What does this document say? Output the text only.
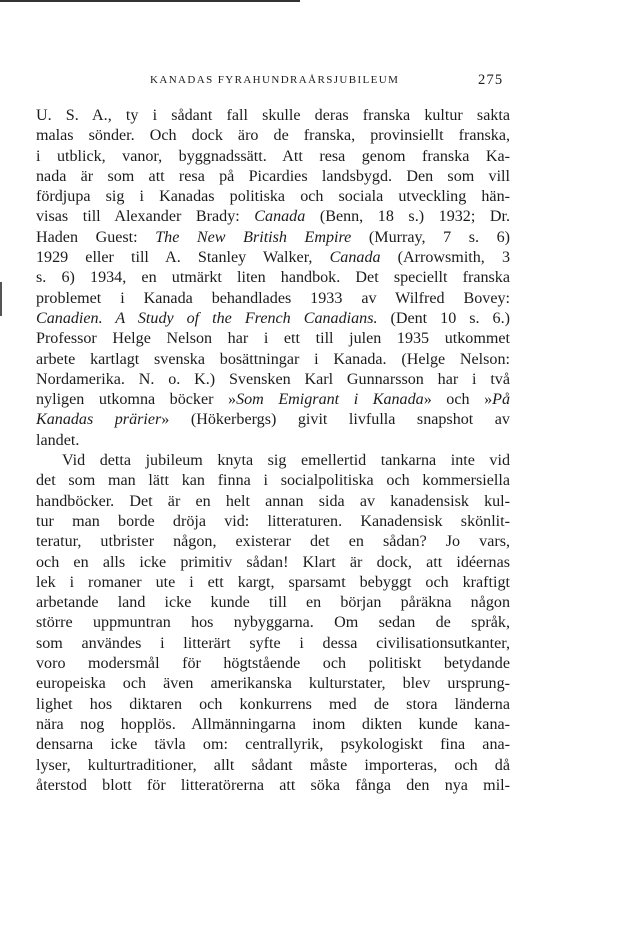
KANADAS FYRAHUNDRAÅRSJUBILEUM	275
U. S. A., ty i sådant fall skulle deras franska kultur sakta
malas sönder. Och dock äro de franska, provinsiellt franska,
i utblick, vanor, byggnadssätt. Att resa genom franska Ka-
nada är som att resa på Picardies landsbygd. Den som vill
fördjupa sig i Kanadas politiska och sociala utveckling hän-
visas till Alexander Brady: Canada (Benn, 18 s.) 1932; Dr.
Haden Guest: The New British Empire (Murray, 7 s. 6)
1929 eller till A. Stanley Walker, Canada (Arrowsmith, 3
s. 6) 1934, en utmärkt liten handbok. Det speciellt franska
problemet i Kanada behandlades 1933 av Wilfred Bovey:
Canadien. A Study of the French Canadians. (Dent 10 s. 6.)
Professor Helge Nelson har i ett till julen 1935 utkommet
arbete kartlagt svenska bosättningar i Kanada. (Helge Nelson:
Nordamerika. N. o. K.) Svensken Karl Gunnarsson har i två
nyligen utkomna böcker »Som Emigrant i Kanada» och »På
Kanadas prärier» (Hökerbergs) givit livfulla snapshot av
landet.
Vid detta jubileum knyta sig emellertid tankarna inte vid
det som man lätt kan finna i socialpolitiska och kommersiella
handböcker. Det är en helt annan sida av kanadensisk kul-
tur man borde dröja vid: litteraturen. Kanadensisk skönlit-
teratur, utbrister någon, existerar det en sådan? Jo vars,
och en alls icke primitiv sådan! Klart är dock, att idéernas
lek i romaner ute i ett kargt, sparsamt bebyggt och kraftigt
arbetande land icke kunde till en början påräkna någon
större uppmuntran hos nybyggarna. Om sedan de språk,
som användes i litterärt syfte i dessa civilisationsutkanter,
voro modersmål för högtstående och politiskt betydande
europeiska och även amerikanska kulturstater, blev ursprung-
lighet hos diktaren och konkurrens med de stora länderna
nära nog hopplös. Allmänningarna inom dikten kunde kana-
densarna icke tävla om: centrallyrik, psykologiskt fina ana-
lyser, kulturtraditioner, allt sådant måste importeras, och då
återstod blott för litteratörerna att söka fånga den nya mil-
